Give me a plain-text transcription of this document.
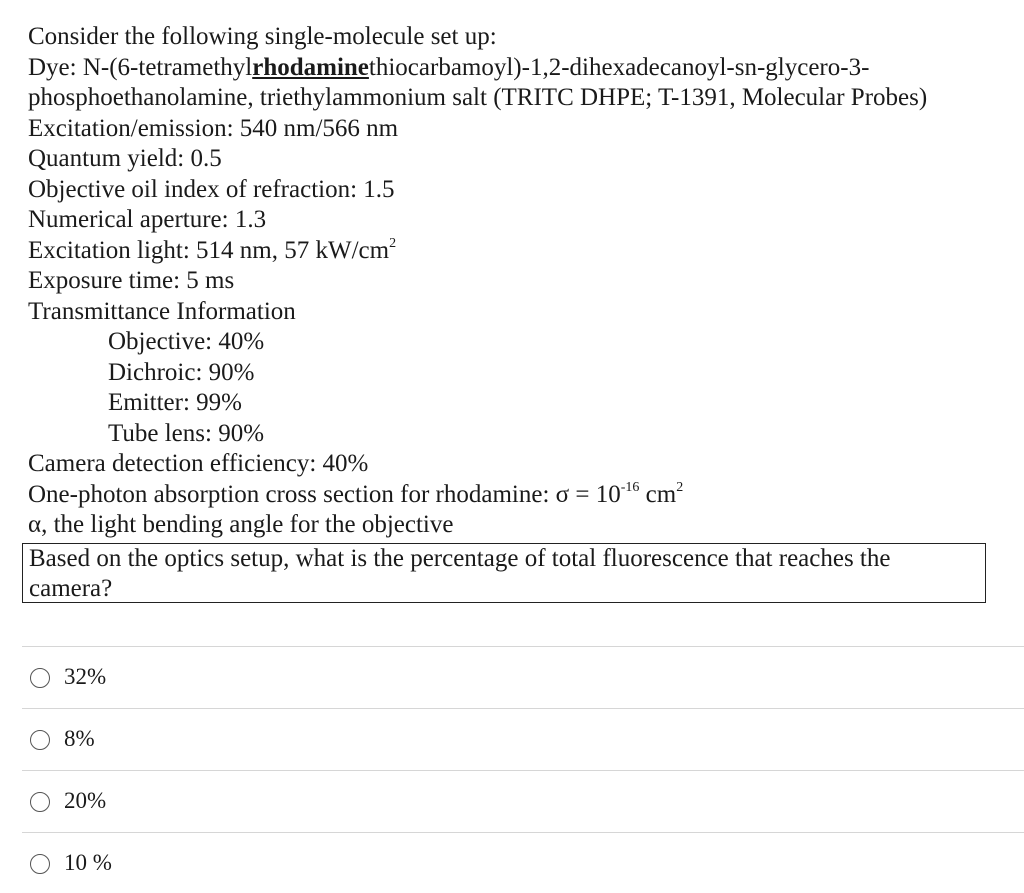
Consider the following single-molecule set up:
Dye: N-(6-tetramethylrhodaminethiocarbamoyl)-1,2-dihexadecanoyl-sn-glycero-3-
phosphoethanolamine, triethylammonium salt (TRITC DHPE; T-1391, Molecular Probes)
Excitation/emission: 540 nm/566 nm
Quantum yield: 0.5
Objective oil index of refraction: 1.5
Numerical aperture: 1.3
Excitation light: 514 nm, 57 $kW/cm^2$
Exposure time: 5 ms
Transmittance Information
Objective: 40%
Dichroic: 90%
Emitter: 99%
Tube lens: 90%
Camera detection efficiency: 40%
One-photon absorption cross section for rhodamine: $\sigma = 10^{-16}$ $cm^2$
α, the light bending angle for the objective
Based on the optics setup, what is the percentage of total fluorescence that reaches the camera?
32%
8%
20%
10 %
